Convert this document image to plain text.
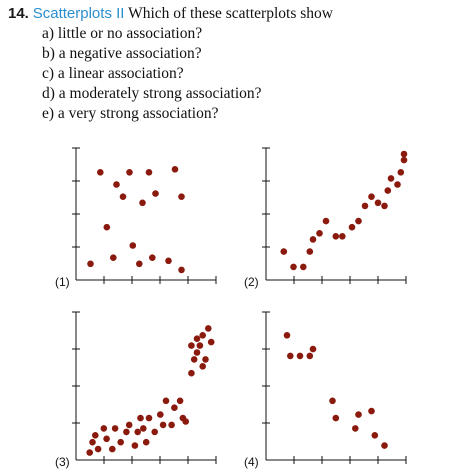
14. Scatterplots II Which of these scatterplots show
a) little or no association?
b) a negative association?
c) a linear association?
d) a moderately strong association?
e) a very strong association?
(1)	(2)
(3)	(4)
